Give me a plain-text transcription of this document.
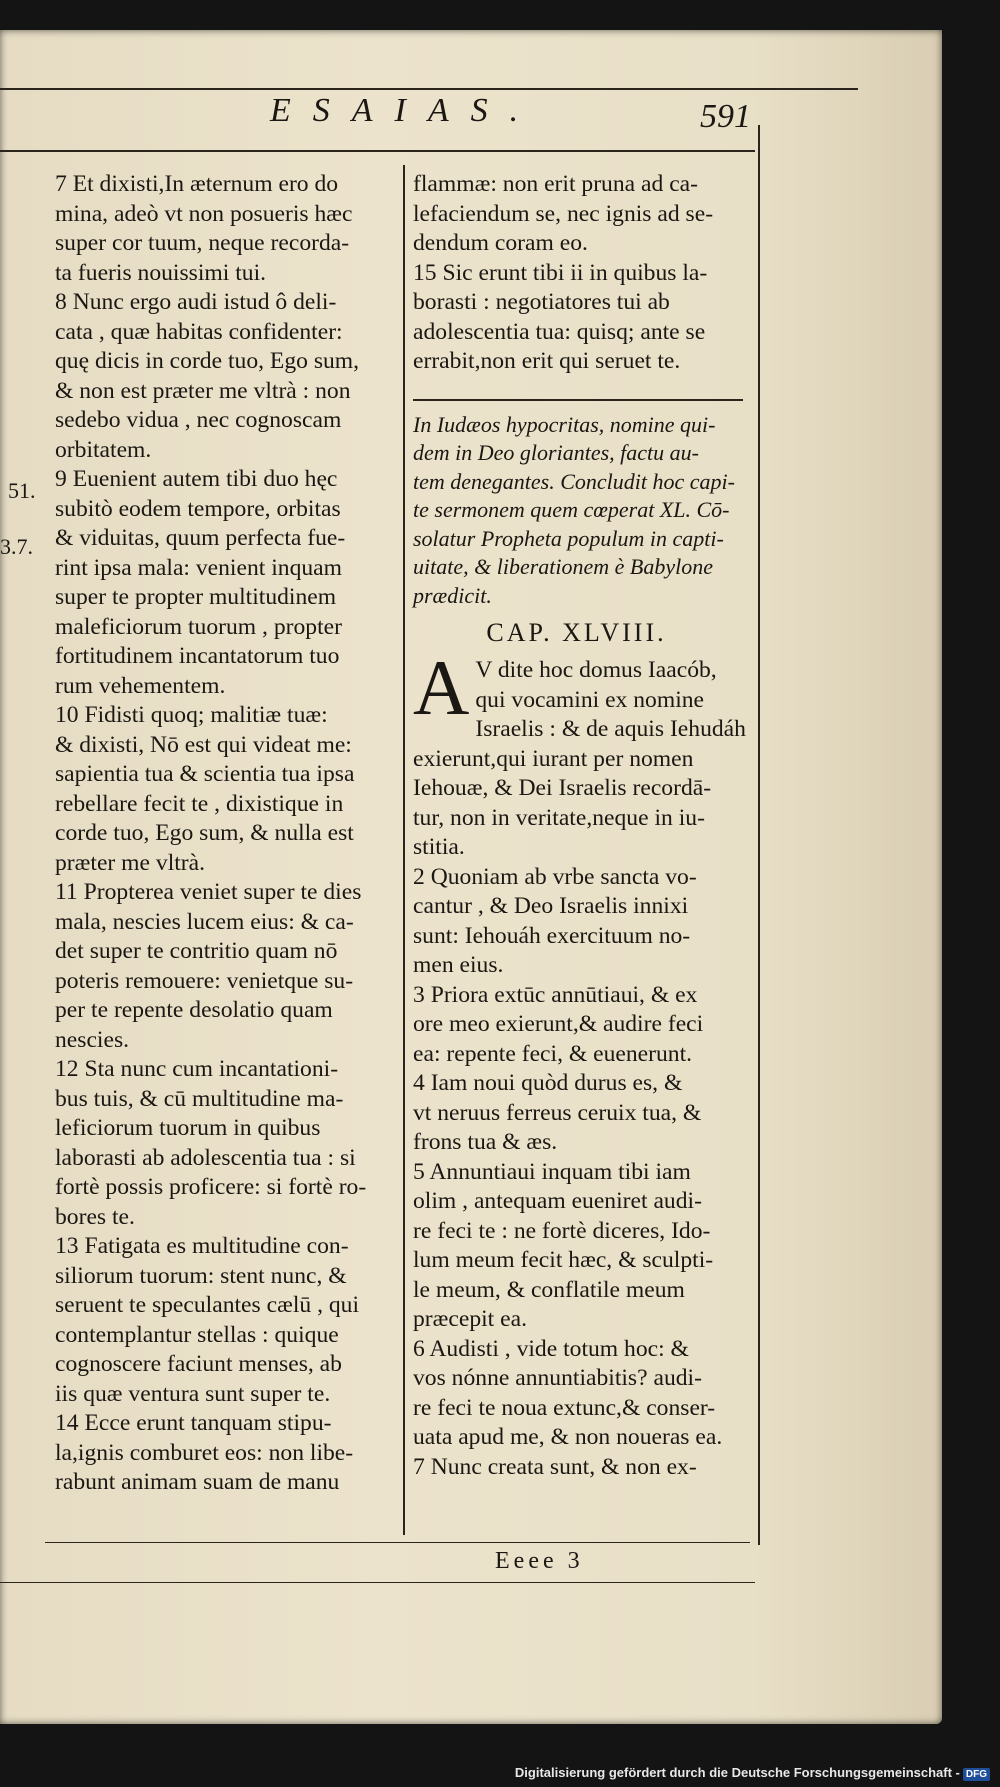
ESAIAS.	591
51.
3.7.
7 Et dixisti,In æternum ero do
mina, adeò vt non posueris hæc
super cor tuum, neque recorda-
ta fueris nouissimi tui.
8 Nunc ergo audi istud ô deli-
cata , quæ habitas confidenter:
quę dicis in corde tuo, Ego sum,
& non est præter me vltrà : non
sedebo vidua , nec cognoscam
orbitatem.
9 Euenient autem tibi duo hęc
subitò eodem tempore, orbitas
& viduitas, quum perfecta fue-
rint ipsa mala: venient inquam
super te propter multitudinem
maleficiorum tuorum , propter
fortitudinem incantatorum tuo
rum vehementem.
10 Fidisti quoq; malitiæ tuæ:
& dixisti, Nō est qui videat me:
sapientia tua & scientia tua ipsa
rebellare fecit te , dixistique in
corde tuo, Ego sum, & nulla est
præter me vltrà.
11 Propterea veniet super te dies
mala, nescies lucem eius: & ca-
det super te contritio quam nō
poteris remouere: venietque su-
per te repente desolatio quam
nescies.
12 Sta nunc cum incantationi-
bus tuis, & cū multitudine ma-
leficiorum tuorum in quibus
laborasti ab adolescentia tua : si
fortè possis proficere: si fortè ro-
bores te.
13 Fatigata es multitudine con-
siliorum tuorum: stent nunc, &
seruent te speculantes cælū , qui
contemplantur stellas : quique
cognoscere faciunt menses, ab
iis quæ ventura sunt super te.
14 Ecce erunt tanquam stipu-
la,ignis comburet eos: non libe-
rabunt animam suam de manu
flammæ: non erit pruna ad ca-
lefaciendum se, nec ignis ad se-
dendum coram eo.
15 Sic erunt tibi ii in quibus la-
borasti : negotiatores tui ab
adolescentia tua: quisq; ante se
errabit,non erit qui seruet te.
In Iudæos hypocritas, nomine qui-
dem in Deo gloriantes, factu au-
tem denegantes. Concludit hoc capi-
te sermonem quem cœperat XL. Cō-
solatur Propheta populum in capti-
uitate, & liberationem è Babylone
prædicit.
CAP. XLVIII.
A V dite hoc domus Iaacób,
qui vocamini ex nomine
Israelis : & de aquis Iehudáh
exierunt,qui iurant per nomen
Iehouæ, & Dei Israelis recordā-
tur, non in veritate,neque in iu-
stitia.
2 Quoniam ab vrbe sancta vo-
cantur , & Deo Israelis innixi
sunt: Iehouáh exercituum no-
men eius.
3 Priora extūc annūtiaui, & ex
ore meo exierunt,& audire feci
ea: repente feci, & euenerunt.
4 Iam noui quòd durus es, &
vt neruus ferreus ceruix tua, &
frons tua & æs.
5 Annuntiaui inquam tibi iam
olim , antequam eueniret audi-
re feci te : ne fortè diceres, Ido-
lum meum fecit hæc, & sculpti-
le meum, & conflatile meum
præcepit ea.
6 Audisti , vide totum hoc: &
vos nónne annuntiabitis? audi-
re feci te noua extunc,& conser-
uata apud me, & non noueras ea.
7 Nunc creata sunt, & non ex-
Eeee 3
Digitalisierung gefördert durch die Deutsche Forschungsgemeinschaft - DFG
